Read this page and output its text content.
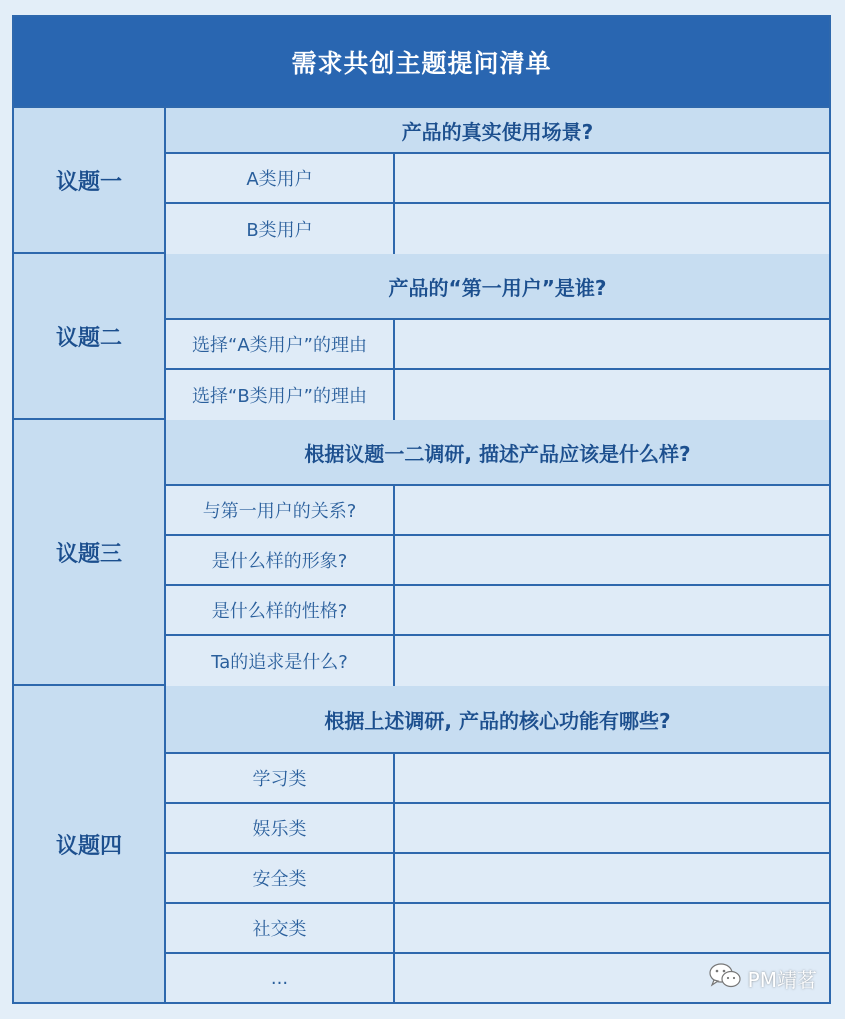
需求共创主题提问清单
议题一
产品的真实使用场景?
A类用户
B类用户
议题二
产品的“第一用户”是谁?
选择“A类用户”的理由
选择“B类用户”的理由
议题三
根据议题一二调研, 描述产品应该是什么样?
与第一用户的关系?
是什么样的形象?
是什么样的性格?
Ta的追求是什么?
议题四
根据上述调研, 产品的核心功能有哪些?
学习类
娱乐类
安全类
社交类
...	PM靖茗
